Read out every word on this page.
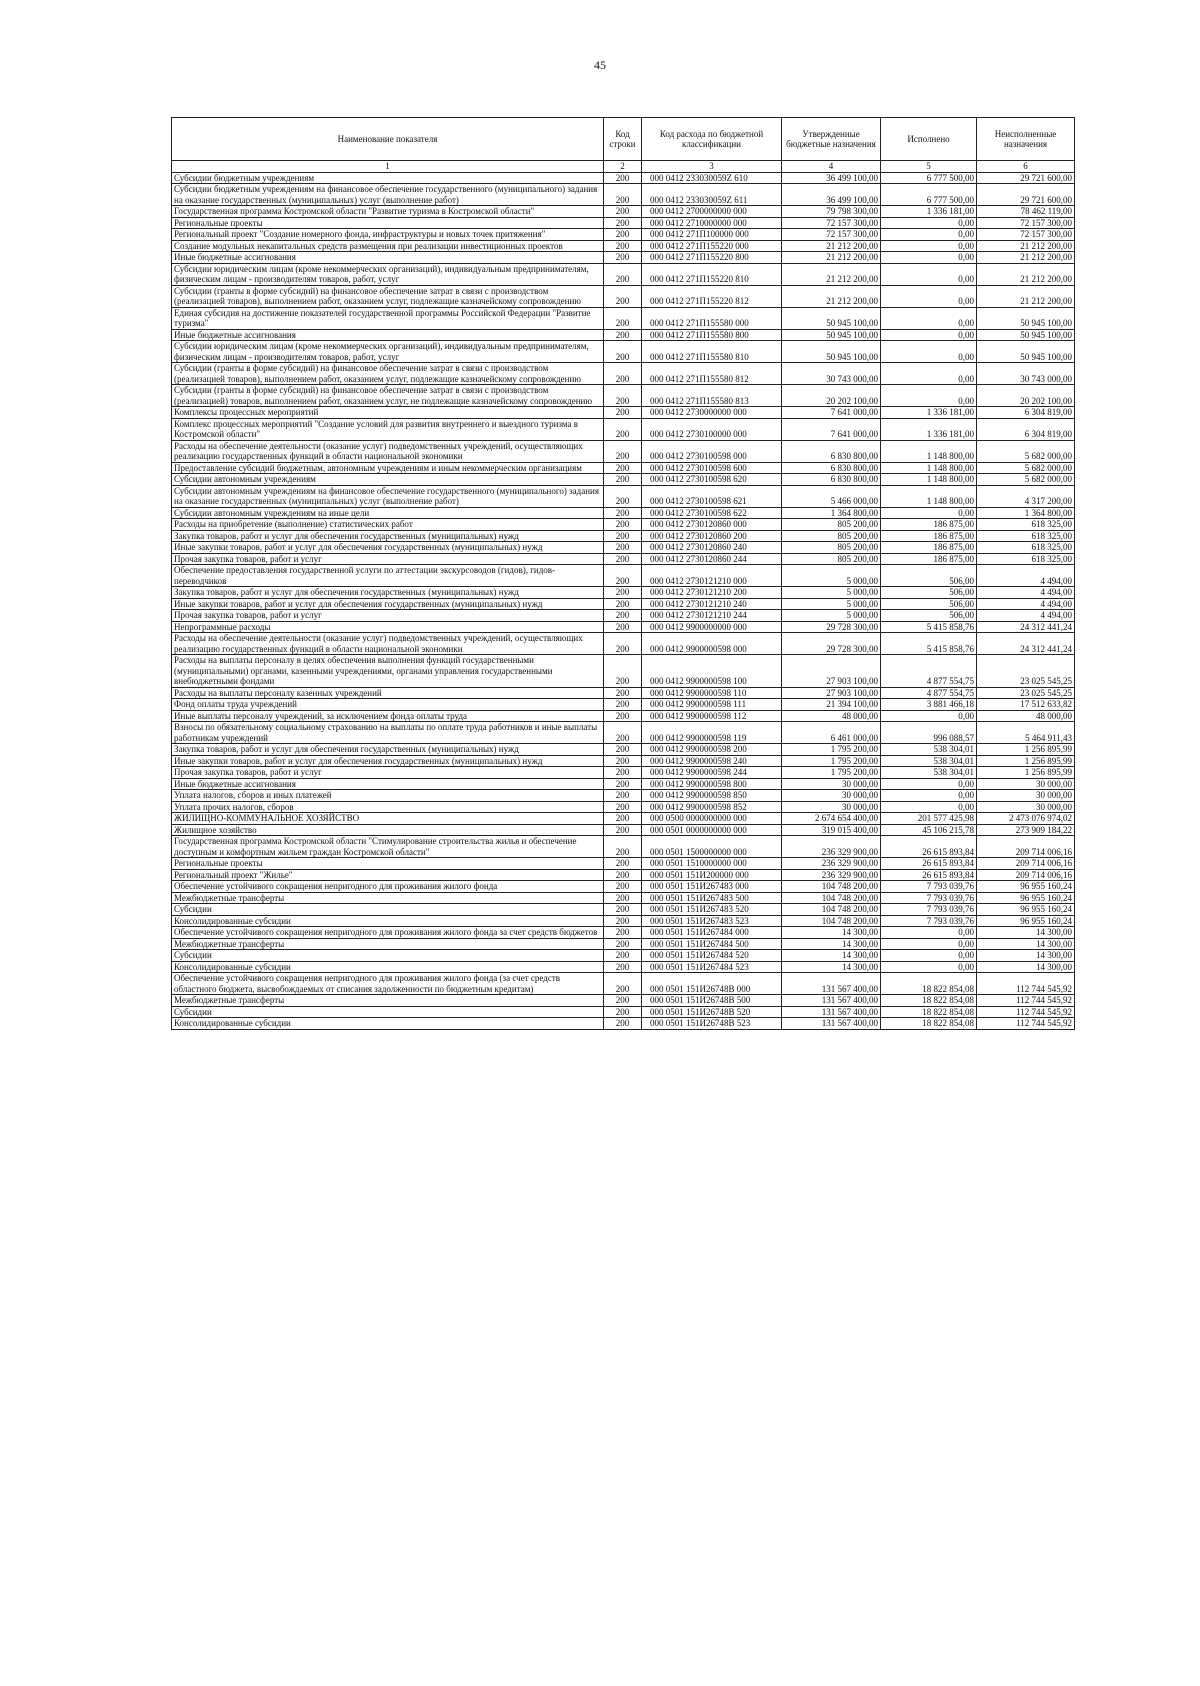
45
Наименование показателя	Код строки	Код расхода по бюджетной классификации	Утвержденные бюджетные назначения	Исполнено	Неисполненные назначения
1	2	3	4	5	6
Субсидии бюджетным учреждениям	200	000 0412 233030059Z 610	36 499 100,00	6 777 500,00	29 721 600,00
Субсидии бюджетным учреждениям на финансовое обеспечение государственного (муниципального) задания на оказание государственных (муниципальных) услуг (выполнение работ)	200	000 0412 233030059Z 611	36 499 100,00	6 777 500,00	29 721 600,00
Государственная программа Костромской области "Развитие туризма в Костромской области"	200	000 0412 2700000000 000	79 798 300,00	1 336 181,00	78 462 119,00
Региональные проекты	200	000 0412 2710000000 000	72 157 300,00	0,00	72 157 300,00
Региональный проект "Создание номерного фонда, инфраструктуры и новых точек притяжения"	200	000 0412 271П100000 000	72 157 300,00	0,00	72 157 300,00
Создание модульных некапитальных средств размещения при реализации инвестиционных проектов	200	000 0412 271П155220 000	21 212 200,00	0,00	21 212 200,00
Иные бюджетные ассигнования	200	000 0412 271П155220 800	21 212 200,00	0,00	21 212 200,00
Субсидии юридическим лицам (кроме некоммерческих организаций), индивидуальным предпринимателям, физическим лицам - производителям товаров, работ, услуг	200	000 0412 271П155220 810	21 212 200,00	0,00	21 212 200,00
Субсидии (гранты в форме субсидий) на финансовое обеспечение затрат в связи с производством (реализацией товаров), выполнением работ, оказанием услуг, подлежащие казначейскому сопровождению	200	000 0412 271П155220 812	21 212 200,00	0,00	21 212 200,00
Единая субсидия на достижение показателей государственной программы Российской Федерации "Развитие туризма"	200	000 0412 271П155580 000	50 945 100,00	0,00	50 945 100,00
Иные бюджетные ассигнования	200	000 0412 271П155580 800	50 945 100,00	0,00	50 945 100,00
Субсидии юридическим лицам (кроме некоммерческих организаций), индивидуальным предпринимателям, физическим лицам - производителям товаров, работ, услуг	200	000 0412 271П155580 810	50 945 100,00	0,00	50 945 100,00
Субсидии (гранты в форме субсидий) на финансовое обеспечение затрат в связи с производством (реализацией товаров), выполнением работ, оказанием услуг, подлежащие казначейскому сопровождению	200	000 0412 271П155580 812	30 743 000,00	0,00	30 743 000,00
Субсидии (гранты в форме субсидий) на финансовое обеспечение затрат в связи с производством (реализацией) товаров, выполнением работ, оказанием услуг, не подлежащие казначейскому сопровождению	200	000 0412 271П155580 813	20 202 100,00	0,00	20 202 100,00
Комплексы процессных мероприятий	200	000 0412 2730000000 000	7 641 000,00	1 336 181,00	6 304 819,00
Комплекс процессных мероприятий "Создание условий для развития внутреннего и выездного туризма в Костромской области"	200	000 0412 2730100000 000	7 641 000,00	1 336 181,00	6 304 819,00
Расходы на обеспечение деятельности (оказание услуг) подведомственных учреждений, осуществляющих реализацию государственных функций в области национальной экономики	200	000 0412 2730100598 000	6 830 800,00	1 148 800,00	5 682 000,00
Предоставление субсидий бюджетным, автономным учреждениям и иным некоммерческим организациям	200	000 0412 2730100598 600	6 830 800,00	1 148 800,00	5 682 000,00
Субсидии автономным учреждениям	200	000 0412 2730100598 620	6 830 800,00	1 148 800,00	5 682 000,00
Субсидии автономным учреждениям на финансовое обеспечение государственного (муниципального) задания на оказание государственных (муниципальных) услуг (выполнение работ)	200	000 0412 2730100598 621	5 466 000,00	1 148 800,00	4 317 200,00
Субсидии автономным учреждениям на иные цели	200	000 0412 2730100598 622	1 364 800,00	0,00	1 364 800,00
Расходы на приобретение (выполнение) статистических работ	200	000 0412 2730120860 000	805 200,00	186 875,00	618 325,00
Закупка товаров, работ и услуг для обеспечения государственных (муниципальных) нужд	200	000 0412 2730120860 200	805 200,00	186 875,00	618 325,00
Иные закупки товаров, работ и услуг для обеспечения государственных (муниципальных) нужд	200	000 0412 2730120860 240	805 200,00	186 875,00	618 325,00
Прочая закупка товаров, работ и услуг	200	000 0412 2730120860 244	805 200,00	186 875,00	618 325,00
Обеспечение предоставления государственной услуги по аттестации экскурсоводов (гидов), гидов-переводчиков	200	000 0412 2730121210 000	5 000,00	506,00	4 494,00
Закупка товаров, работ и услуг для обеспечения государственных (муниципальных) нужд	200	000 0412 2730121210 200	5 000,00	506,00	4 494,00
Иные закупки товаров, работ и услуг для обеспечения государственных (муниципальных) нужд	200	000 0412 2730121210 240	5 000,00	506,00	4 494,00
Прочая закупка товаров, работ и услуг	200	000 0412 2730121210 244	5 000,00	506,00	4 494,00
Непрограммные расходы	200	000 0412 9900000000 000	29 728 300,00	5 415 858,76	24 312 441,24
Расходы на обеспечение деятельности (оказание услуг) подведомственных учреждений, осуществляющих реализацию государственных функций в области национальной экономики	200	000 0412 9900000598 000	29 728 300,00	5 415 858,76	24 312 441,24
Расходы на выплаты персоналу в целях обеспечения выполнения функций государственными (муниципальными) органами, казенными учреждениями, органами управления государственными внебюджетными фондами	200	000 0412 9900000598 100	27 903 100,00	4 877 554,75	23 025 545,25
Расходы на выплаты персоналу казенных учреждений	200	000 0412 9900000598 110	27 903 100,00	4 877 554,75	23 025 545,25
Фонд оплаты труда учреждений	200	000 0412 9900000598 111	21 394 100,00	3 881 466,18	17 512 633,82
Иные выплаты персоналу учреждений, за исключением фонда оплаты труда	200	000 0412 9900000598 112	48 000,00	0,00	48 000,00
Взносы по обязательному социальному страхованию на выплаты по оплате труда работников и иные выплаты работникам учреждений	200	000 0412 9900000598 119	6 461 000,00	996 088,57	5 464 911,43
Закупка товаров, работ и услуг для обеспечения государственных (муниципальных) нужд	200	000 0412 9900000598 200	1 795 200,00	538 304,01	1 256 895,99
Иные закупки товаров, работ и услуг для обеспечения государственных (муниципальных) нужд	200	000 0412 9900000598 240	1 795 200,00	538 304,01	1 256 895,99
Прочая закупка товаров, работ и услуг	200	000 0412 9900000598 244	1 795 200,00	538 304,01	1 256 895,99
Иные бюджетные ассигнования	200	000 0412 9900000598 800	30 000,00	0,00	30 000,00
Уплата налогов, сборов и иных платежей	200	000 0412 9900000598 850	30 000,00	0,00	30 000,00
Уплата прочих налогов, сборов	200	000 0412 9900000598 852	30 000,00	0,00	30 000,00
ЖИЛИЩНО-КОММУНАЛЬНОЕ ХОЗЯЙСТВО	200	000 0500 0000000000 000	2 674 654 400,00	201 577 425,98	2 473 076 974,02
Жилищное хозяйство	200	000 0501 0000000000 000	319 015 400,00	45 106 215,78	273 909 184,22
Государственная программа Костромской области "Стимулирование строительства жилья и обеспечение доступным и комфортным жильем граждан Костромской области"	200	000 0501 1500000000 000	236 329 900,00	26 615 893,84	209 714 006,16
Региональные проекты	200	000 0501 1510000000 000	236 329 900,00	26 615 893,84	209 714 006,16
Региональный проект "Жилье"	200	000 0501 151И200000 000	236 329 900,00	26 615 893,84	209 714 006,16
Обеспечение устойчивого сокращения непригодного для проживания жилого фонда	200	000 0501 151И267483 000	104 748 200,00	7 793 039,76	96 955 160,24
Межбюджетные трансферты	200	000 0501 151И267483 500	104 748 200,00	7 793 039,76	96 955 160,24
Субсидии	200	000 0501 151И267483 520	104 748 200,00	7 793 039,76	96 955 160,24
Консолидированные субсидии	200	000 0501 151И267483 523	104 748 200,00	7 793 039,76	96 955 160,24
Обеспечение устойчивого сокращения непригодного для проживания жилого фонда за счет средств бюджетов	200	000 0501 151И267484 000	14 300,00	0,00	14 300,00
Межбюджетные трансферты	200	000 0501 151И267484 500	14 300,00	0,00	14 300,00
Субсидии	200	000 0501 151И267484 520	14 300,00	0,00	14 300,00
Консолидированные субсидии	200	000 0501 151И267484 523	14 300,00	0,00	14 300,00
Обеспечение устойчивого сокращения непригодного для проживания жилого фонда (за счет средств областного бюджета, высвобождаемых от списания задолженности по бюджетным кредитам)	200	000 0501 151И26748В 000	131 567 400,00	18 822 854,08	112 744 545,92
Межбюджетные трансферты	200	000 0501 151И26748В 500	131 567 400,00	18 822 854,08	112 744 545,92
Субсидии	200	000 0501 151И26748В 520	131 567 400,00	18 822 854,08	112 744 545,92
Консолидированные субсидии	200	000 0501 151И26748В 523	131 567 400,00	18 822 854,08	112 744 545,92
